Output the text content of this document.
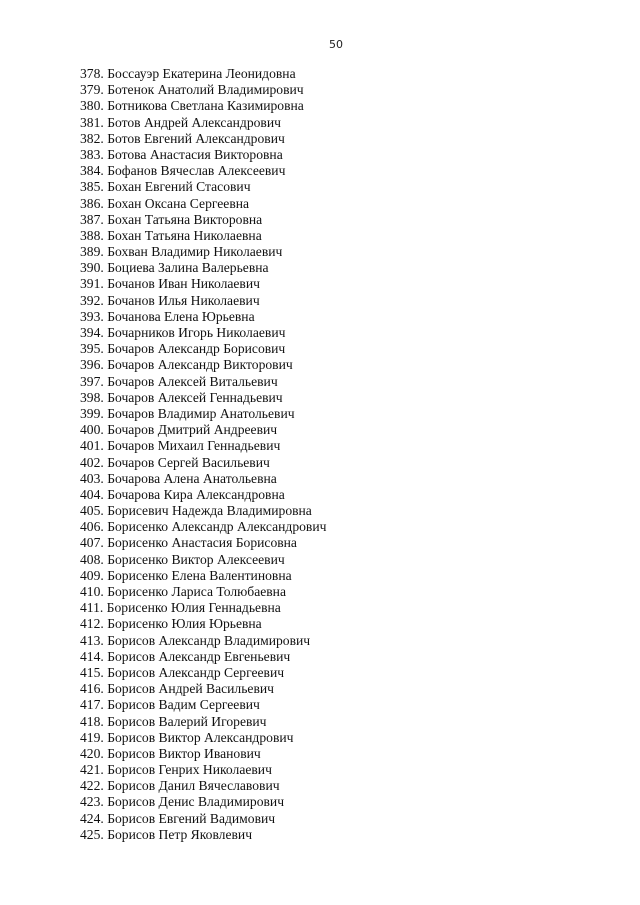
50
378. Боссауэр Екатерина Леонидовна
379. Ботенок Анатолий Владимирович
380. Ботникова Светлана Казимировна
381. Ботов Андрей Александрович
382. Ботов Евгений Александрович
383. Ботова Анастасия Викторовна
384. Бофанов Вячеслав Алексеевич
385. Бохан Евгений Стасович
386. Бохан Оксана Сергеевна
387. Бохан Татьяна Викторовна
388. Бохан Татьяна Николаевна
389. Бохван Владимир Николаевич
390. Боциева Залина Валерьевна
391. Бочанов Иван Николаевич
392. Бочанов Илья Николаевич
393. Бочанова Елена Юрьевна
394. Бочарников Игорь Николаевич
395. Бочаров Александр Борисович
396. Бочаров Александр Викторович
397. Бочаров Алексей Витальевич
398. Бочаров Алексей Геннадьевич
399. Бочаров Владимир Анатольевич
400. Бочаров Дмитрий Андреевич
401. Бочаров Михаил Геннадьевич
402. Бочаров Сергей Васильевич
403. Бочарова Алена Анатольевна
404. Бочарова Кира Александровна
405. Борисевич Надежда Владимировна
406. Борисенко Александр Александрович
407. Борисенко Анастасия Борисовна
408. Борисенко Виктор Алексеевич
409. Борисенко Елена Валентиновна
410. Борисенко Лариса Толюбаевна
411. Борисенко Юлия Геннадьевна
412. Борисенко Юлия Юрьевна
413. Борисов Александр Владимирович
414. Борисов Александр Евгеньевич
415. Борисов Александр Сергеевич
416. Борисов Андрей Васильевич
417. Борисов Вадим Сергеевич
418. Борисов Валерий Игоревич
419. Борисов Виктор Александрович
420. Борисов Виктор Иванович
421. Борисов Генрих Николаевич
422. Борисов Данил Вячеславович
423. Борисов Денис Владимирович
424. Борисов Евгений Вадимович
425. Борисов Петр Яковлевич
